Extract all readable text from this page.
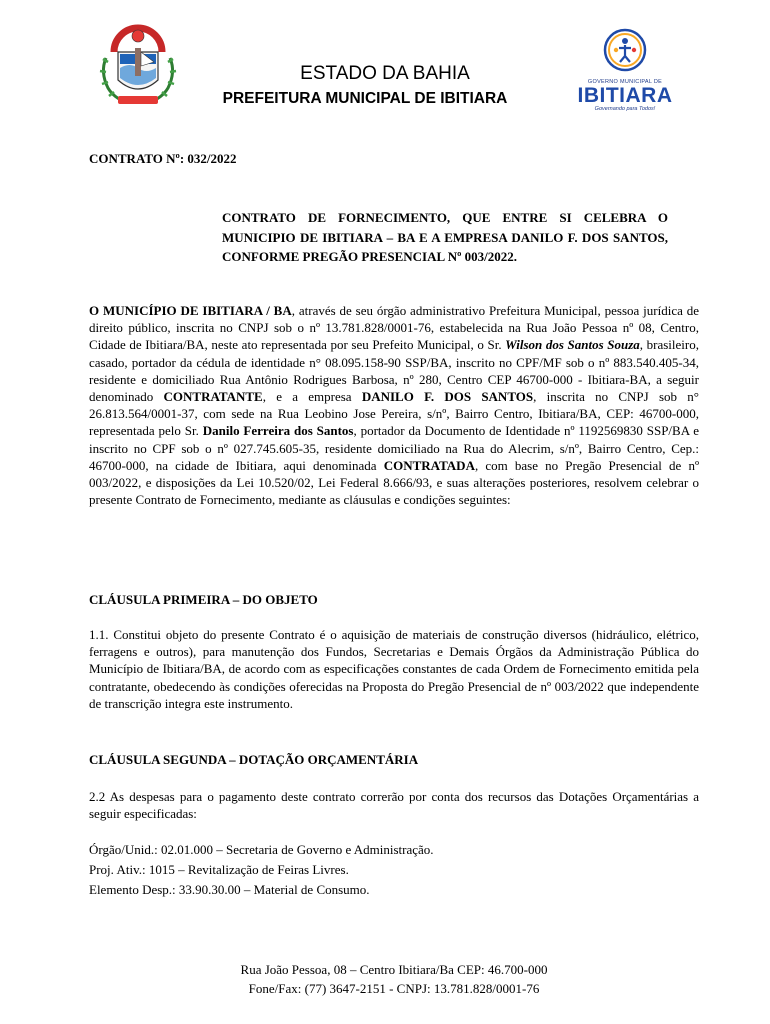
GOVERNO MUNICIPAL DE
IBITIARA
Governando para Todos!
ESTADO DA BAHIA
PREFEITURA MUNICIPAL DE IBITIARA
CONTRATO Nº: 032/2022
CONTRATO DE FORNECIMENTO, QUE ENTRE SI CELEBRA O MUNICIPIO DE IBITIARA – BA E A EMPRESA DANILO F. DOS SANTOS, CONFORME PREGÃO PRESENCIAL Nº 003/2022.

O MUNICÍPIO DE IBITIARA / BA, através de seu órgão administrativo Prefeitura Municipal, pessoa jurídica de direito público, inscrita no CNPJ sob o nº 13.781.828/0001-76, estabelecida na Rua João Pessoa nº 08, Centro, Cidade de Ibitiara/BA, neste ato representada por seu Prefeito Municipal, o Sr. Wilson dos Santos Souza, brasileiro, casado, portador da cédula de identidade n° 08.095.158-90 SSP/BA, inscrito no CPF/MF sob o nº 883.540.405-34, residente e domiciliado Rua Antônio Rodrigues Barbosa, nº 280, Centro CEP 46700-000 - Ibitiara-BA, a seguir denominado CONTRATANTE, e a empresa DANILO F. DOS SANTOS, inscrita no CNPJ sob n° 26.813.564/0001-37, com sede na Rua Leobino Jose Pereira, s/nº, Bairro Centro, Ibitiara/BA, CEP: 46700-000, representada pelo Sr. Danilo Ferreira dos Santos, portador da Documento de Identidade nº 1192569830 SSP/BA e inscrito no CPF sob o nº 027.745.605-35, residente domiciliado na Rua do Alecrim, s/nº, Bairro Centro, Cep.: 46700-000, na cidade de Ibitiara, aqui denominada CONTRATADA, com base no Pregão Presencial de nº 003/2022, e disposições da Lei 10.520/02, Lei Federal 8.666/93, e suas alterações posteriores, resolvem celebrar o presente Contrato de Fornecimento, mediante as cláusulas e condições seguintes:

CLÁUSULA PRIMEIRA – DO OBJETO

1.1. Constitui objeto do presente Contrato é o aquisição de materiais de construção diversos (hidráulico, elétrico, ferragens e outros), para manutenção dos Fundos, Secretarias e Demais Órgãos da Administração Pública do Município de Ibitiara/BA, de acordo com as especificações constantes de cada Ordem de Fornecimento emitida pela contratante, obedecendo às condições oferecidas na Proposta do Pregão Presencial de nº 003/2022 que independente de transcrição integra este instrumento.

CLÁUSULA SEGUNDA – DOTAÇÃO ORÇAMENTÁRIA

2.2 As despesas para o pagamento deste contrato correrão por conta dos recursos das Dotações Orçamentárias a seguir especificadas:

Órgão/Unid.: 02.01.000 – Secretaria de Governo e Administração.
Proj. Ativ.: 1015 – Revitalização de Feiras Livres.
Elemento Desp.: 33.90.30.00 – Material de Consumo.
Rua João Pessoa, 08 – Centro Ibitiara/Ba CEP: 46.700-000
Fone/Fax: (77) 3647-2151 - CNPJ: 13.781.828/0001-76
